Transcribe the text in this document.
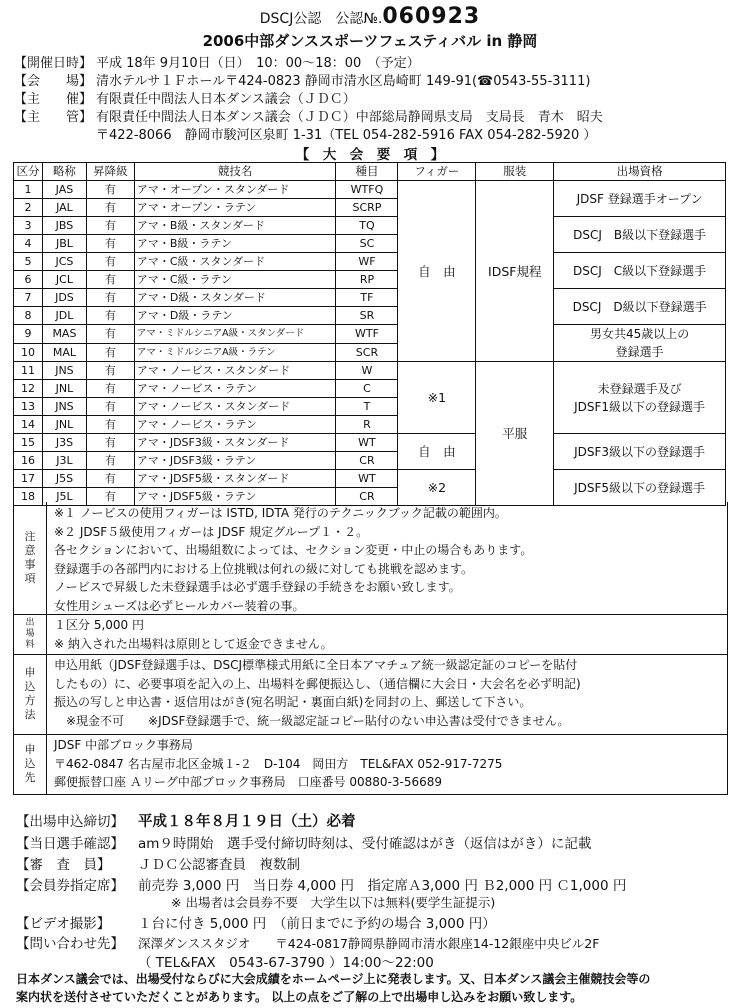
DSCJ公認　公認№.060923
2006中部ダンススポーツフェスティバル in 静岡
【開催日時】 平成 18年 9月10日（日）　10：00～18：00　（予定）
【会　　場】 清水テルサ１Ｆホール〒424-0823 静岡市清水区島崎町 149-91(☎0543-55-3111)
【主　　催】 有限責任中間法人日本ダンス議会（ＪＤＣ）
【主　　管】 有限責任中間法人日本ダンス議会（ＪＤＣ）中部総局静岡県支局　支局長　青木　昭夫
〒422-8066　静岡市駿河区泉町 1-31（TEL 054-282-5916 FAX 054-282-5920 ）
【　大　会　要　項　】
区分	略称	昇降級	競技名	種目	フィガー	服装	出場資格
1	JAS	有	アマ・オープン・スタンダード	WTFQ	自　由	IDSF規程	JDSF 登録選手オープン

2	JAL	有	アマ・オープン・ラテン	SCRP			
3	JBS	有	アマ・B級・スタンダード	TQ			DSCJ　B級以下登録選手

4	JBL	有	アマ・B級・ラテン	SC			
5	JCS	有	アマ・C級・スタンダード	WF			DSCJ　C級以下登録選手

6	JCL	有	アマ・C級・ラテン	RP			
7	JDS	有	アマ・D級・スタンダード	TF			DSCJ　D級以下登録選手

8	JDL	有	アマ・D級・ラテン	SR			
9	MAS	有	アマ・ミドルシニアA級・スタンダード	WTF			男女共45歳以上の
登録選手

10	MAL	有	アマ・ミドルシニアA級・ラテン	SCR			
11	JNS	有	アマ・ノービス・スタンダード	W	※1	平服	未登録選手及び
JDSF1級以下の登録選手

12	JNL	有	アマ・ノービス・ラテン	C			
13	JNS	有	アマ・ノービス・スタンダード	T			
14	JNL	有	アマ・ノービス・ラテン	R			
15	J3S	有	アマ・JDSF3級・スタンダード	WT	自　由		JDSF3級以下の登録選手

16	J3L	有	アマ・JDSF3級・ラテン	CR			
17	J5S	有	アマ・JDSF5級・スタンダード	WT	※2		JDSF5級以下の登録選手

18	J5L	有	アマ・JDSF5級・ラテン	CR			
注意事項
※１ ノービスの使用フィガーは ISTD, IDTA 発行のテクニックブック記載の範囲内。
※２ JDSF５級使用フィガーは JDSF 規定グループ１・２。
各セクションにおいて、出場組数によっては、セクション変更・中止の場合もあります。
登録選手の各部門内における上位挑戦は何れの級に対しても挑戦を認めます。
ノービスで昇級した未登録選手は必ず選手登録の手続きをお願い致します。
女性用シューズは必ずヒールカバー装着の事。
出場料
１区分 5,000 円
※ 納入された出場料は原則として返金できません。
申込方法
申込用紙（JDSF登録選手は、DSCJ標準様式用紙に全日本アマチュア統一級認定証のコピーを貼付
したもの）に、必要事項を記入の上、出場料を郵便振込し、（通信欄に大会日・大会名を必ず明記)
振込の写しと申込書・返信用はがき(宛名明記・裏面白紙)を同封の上、郵送して下さい。
　※現金不可　　※JDSF登録選手で、統一級認定証コピー貼付のない申込書は受付できません。
申込先
JDSF 中部ブロック事務局
〒462-0847 名古屋市北区金城１-２　D-104　岡田方　TEL&FAX 052-917-7275
郵便振替口座 Ａリーグ中部ブロック事務局　口座番号 00880-3-56689
【出場申込締切】 平成１８年８月１９日（土）必着
【当日選手確認】 am９時開始　選手受付締切時刻は、受付確認はがき（返信はがき）に記載
【審　査　員】 ＪＤＣ公認審査員　複数制
【会員券指定席】 前売券 3,000 円　当日券 4,000 円　指定席Ａ3,000 円 Ｂ2,000 円 Ｃ1,000 円
※ 出場者は会員券不要　大学生以下は無料(要学生証提示)
【ビデオ撮影】 １台に付き 5,000 円　（前日までに予約の場合 3,000 円）
【問い合わせ先】 深澤ダンススタジオ　　〒424-0817静岡県静岡市清水銀座14-12銀座中央ビル2F
（ TEL&FAX　0543-67-3790 ）14:00～22:00
日本ダンス議会では、出場受付ならびに大会成績をホームページ上に発表します。又、日本ダンス議会主催競技会等の
案内状を送付させていただくことがあります。 以上の点をご了解の上で出場申し込みをお願い致します。
